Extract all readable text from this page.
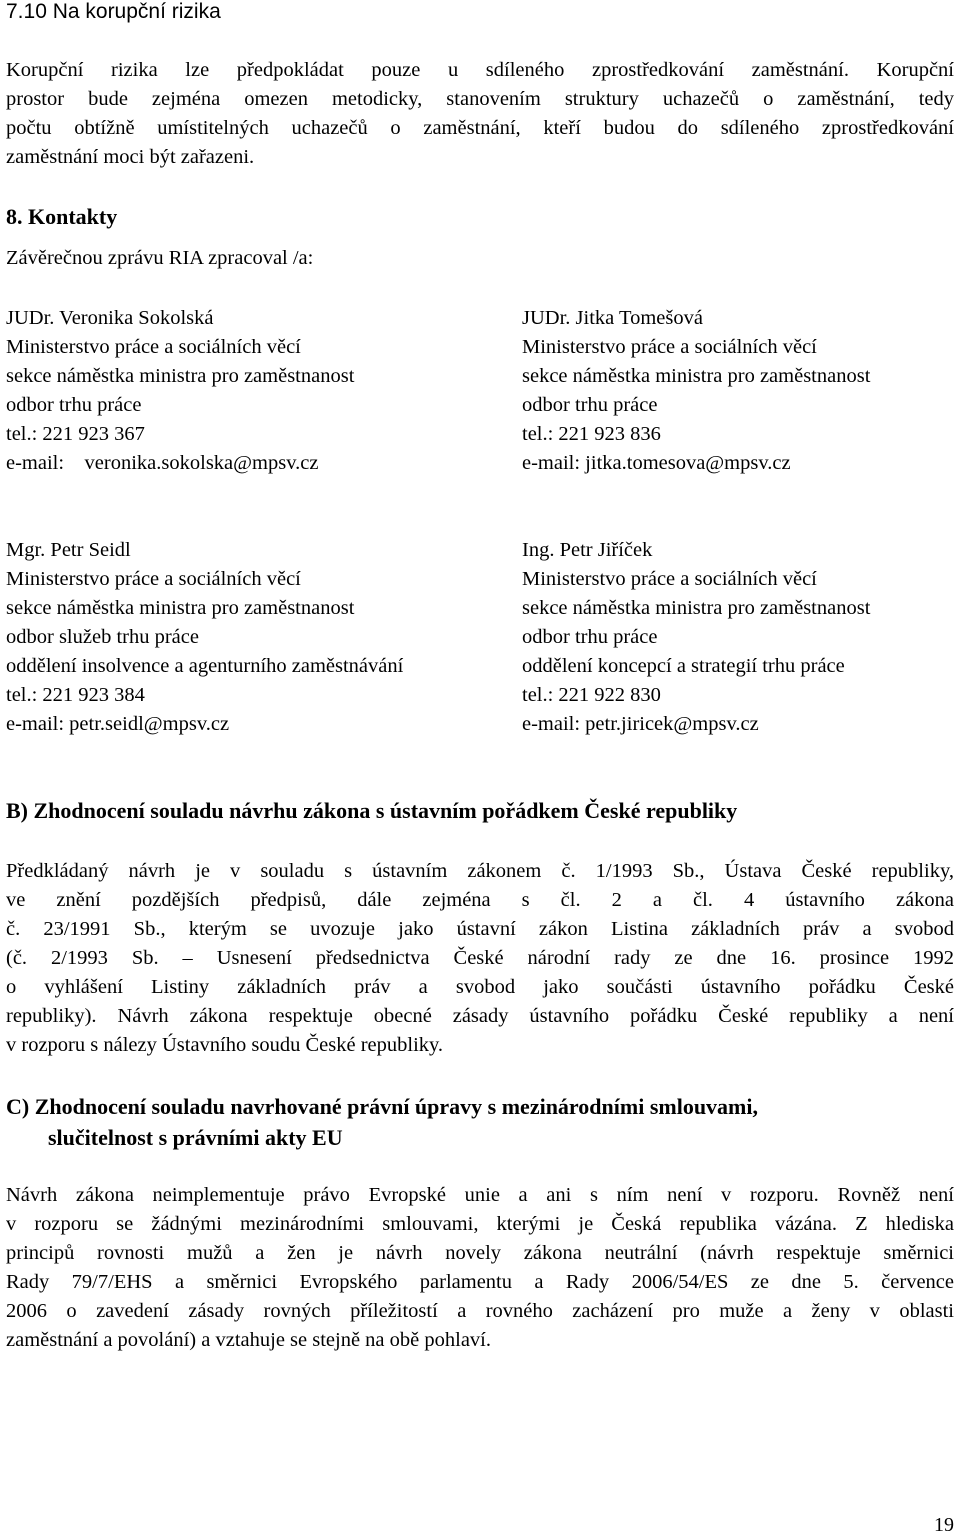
7.10 Na korupční rizika
Korupční rizika lze předpokládat pouze u sdíleného zprostředkování zaměstnání. Korupční
prostor bude zejména omezen metodicky, stanovením struktury uchazečů o zaměstnání, tedy
počtu obtížně umístitelných uchazečů o zaměstnání, kteří budou do sdíleného zprostředkování
zaměstnání moci být zařazeni.
8. Kontakty
Závěrečnou zprávu RIA zpracoval /a:
JUDr. Veronika Sokolská
Ministerstvo práce a sociálních věcí
sekce náměstka ministra pro zaměstnanost
odbor trhu práce
tel.: 221 923 367
e-mail:    veronika.sokolska@mpsv.cz
JUDr. Jitka Tomešová
Ministerstvo práce a sociálních věcí
sekce náměstka ministra pro zaměstnanost
odbor trhu práce
tel.: 221 923 836
e-mail: jitka.tomesova@mpsv.cz
Mgr. Petr Seidl
Ministerstvo práce a sociálních věcí
sekce náměstka ministra pro zaměstnanost
odbor služeb trhu práce
oddělení insolvence a agenturního zaměstnávání
tel.: 221 923 384
e-mail: petr.seidl@mpsv.cz
Ing. Petr Jiříček
Ministerstvo práce a sociálních věcí
sekce náměstka ministra pro zaměstnanost
odbor trhu práce
oddělení koncepcí a strategií trhu práce
tel.: 221 922 830
e-mail: petr.jiricek@mpsv.cz
B) Zhodnocení souladu návrhu zákona s ústavním pořádkem České republiky
Předkládaný návrh je v souladu s ústavním zákonem č. 1/1993 Sb., Ústava České republiky,
ve znění pozdějších předpisů, dále zejména s čl. 2 a čl. 4 ústavního zákona
č. 23/1991 Sb., kterým se uvozuje jako ústavní zákon Listina základních práv a svobod
(č. 2/1993 Sb. – Usnesení předsednictva České národní rady ze dne 16. prosince 1992
o vyhlášení Listiny základních práv a svobod jako součásti ústavního pořádku České
republiky). Návrh zákona respektuje obecné zásady ústavního pořádku České republiky a není
v rozporu s nálezy Ústavního soudu České republiky.
C) Zhodnocení souladu navrhované právní úpravy s mezinárodními smlouvami,
slučitelnost s právními akty EU
Návrh zákona neimplementuje právo Evropské unie a ani s ním není v rozporu. Rovněž není
v rozporu se žádnými mezinárodními smlouvami, kterými je Česká republika vázána. Z hlediska
principů rovnosti mužů a žen je návrh novely zákona neutrální (návrh respektuje směrnici
Rady 79/7/EHS a směrnici Evropského parlamentu a Rady 2006/54/ES ze dne 5. července
2006 o zavedení zásady rovných příležitostí a rovného zacházení pro muže a ženy v oblasti
zaměstnání a povolání) a vztahuje se stejně na obě pohlaví.
19
